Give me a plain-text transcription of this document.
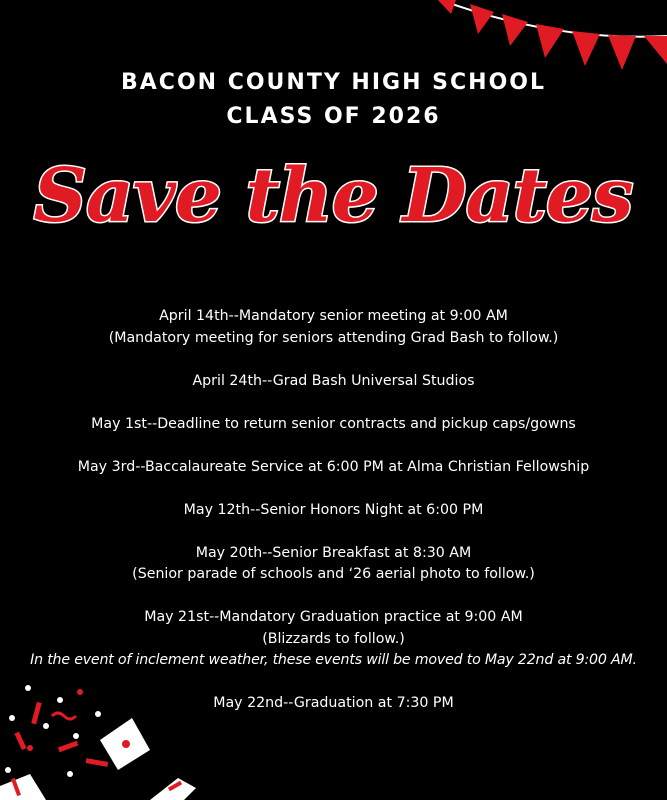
BACON COUNTY HIGH SCHOOL
CLASS OF 2026
Save the Dates

April 14th--Mandatory senior meeting at 9:00 AM

(Mandatory meeting for seniors attending Grad Bash to follow.)

April 24th--Grad Bash Universal Studios

May 1st--Deadline to return senior contracts and pickup caps/gowns

May 3rd--Baccalaureate Service at 6:00 PM at Alma Christian Fellowship

May 12th--Senior Honors Night at 6:00 PM

May 20th--Senior Breakfast at 8:30 AM

(Senior parade of schools and ‘26 aerial photo to follow.)

May 21st--Mandatory Graduation practice at 9:00 AM

(Blizzards to follow.)

In the event of inclement weather, these events will be moved to May 22nd at 9:00 AM.

May 22nd--Graduation at 7:30 PM
